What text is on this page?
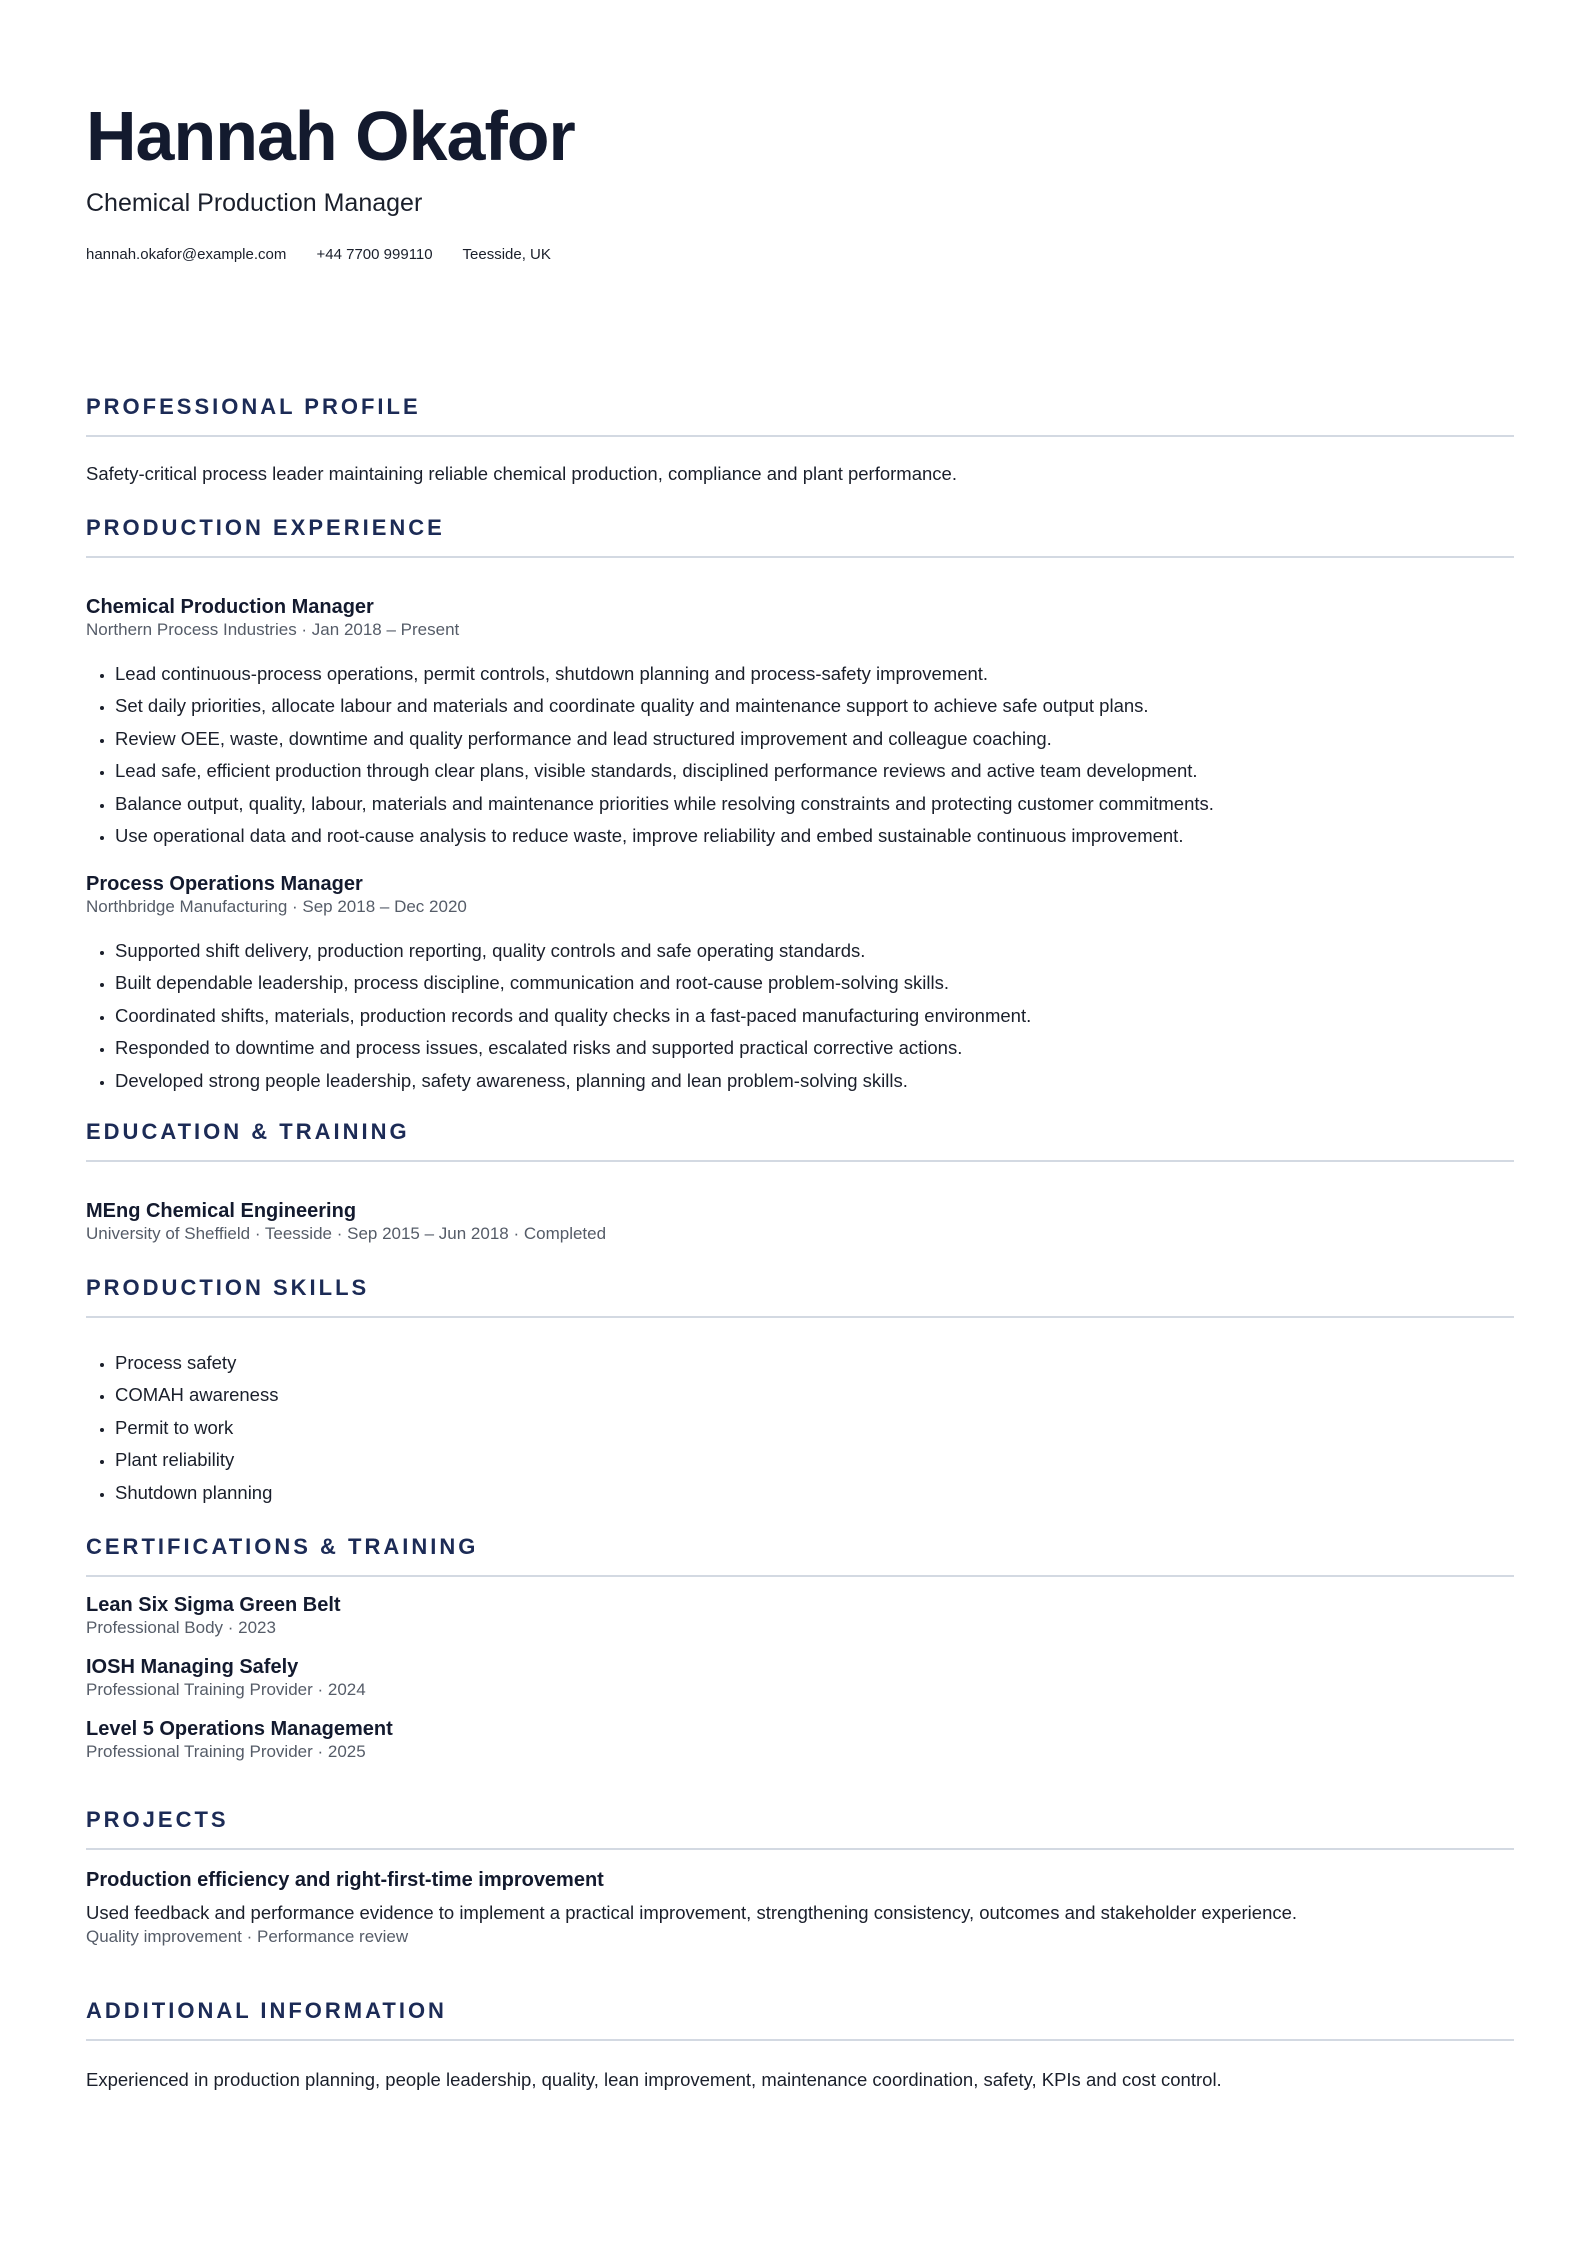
Hannah Okafor
Chemical Production Manager
hannah.okafor@example.com +44 7700 999110 Teesside, UK
PROFESSIONAL PROFILE
Safety-critical process leader maintaining reliable chemical production, compliance and plant performance.
PRODUCTION EXPERIENCE
Chemical Production Manager
Northern Process Industries · Jan 2018 – Present
• Lead continuous-process operations, permit controls, shutdown planning and process-safety improvement.
• Set daily priorities, allocate labour and materials and coordinate quality and maintenance support to achieve safe output plans.
• Review OEE, waste, downtime and quality performance and lead structured improvement and colleague coaching.
• Lead safe, efficient production through clear plans, visible standards, disciplined performance reviews and active team development.
• Balance output, quality, labour, materials and maintenance priorities while resolving constraints and protecting customer commitments.
• Use operational data and root-cause analysis to reduce waste, improve reliability and embed sustainable continuous improvement.
Process Operations Manager
Northbridge Manufacturing · Sep 2018 – Dec 2020
• Supported shift delivery, production reporting, quality controls and safe operating standards.
• Built dependable leadership, process discipline, communication and root-cause problem-solving skills.
• Coordinated shifts, materials, production records and quality checks in a fast-paced manufacturing environment.
• Responded to downtime and process issues, escalated risks and supported practical corrective actions.
• Developed strong people leadership, safety awareness, planning and lean problem-solving skills.
EDUCATION & TRAINING
MEng Chemical Engineering
University of Sheffield · Teesside · Sep 2015 – Jun 2018 · Completed
PRODUCTION SKILLS
• Process safety
• COMAH awareness
• Permit to work
• Plant reliability
• Shutdown planning
CERTIFICATIONS & TRAINING
Lean Six Sigma Green Belt
Professional Body · 2023
IOSH Managing Safely
Professional Training Provider · 2024
Level 5 Operations Management
Professional Training Provider · 2025
PROJECTS
Production efficiency and right-first-time improvement
Used feedback and performance evidence to implement a practical improvement, strengthening consistency, outcomes and stakeholder experience.
Quality improvement · Performance review
ADDITIONAL INFORMATION
Experienced in production planning, people leadership, quality, lean improvement, maintenance coordination, safety, KPIs and cost control.
